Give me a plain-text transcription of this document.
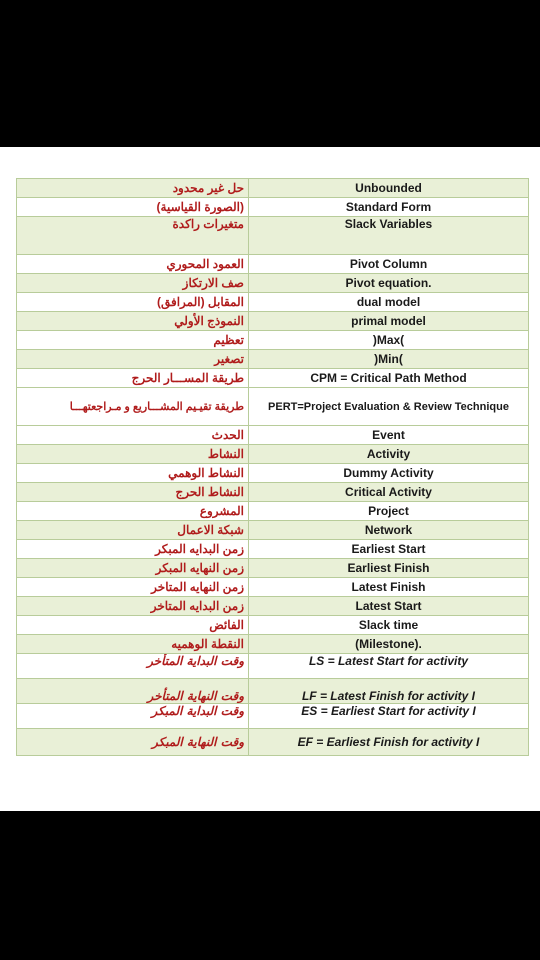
حل غير محدود	Unbounded
(الصورة القياسية)	Standard Form
متغيرات راكدة	Slack Variables
العمود المحوري	Pivot Column
صف الارتكاز	Pivot equation.
المقابل (المرافق)	dual model
النموذج الأولي	primal model
تعظيم	)Max(
تصغير	)Min(
طريقة المســـار الحرج	CPM = Critical Path Method
طريقة تقيـيم المشـــاريع و مـراجعتهـــا	PERT=Project Evaluation & Review Technique
الحدث	Event
النشاط	Activity
النشاط الوهمي	Dummy Activity
النشاط الحرج	Critical Activity
المشروع	Project
شبكة الاعمال	Network
زمن البدايه المبكر	Earliest Start
زمن النهايه المبكر	Earliest Finish
زمن النهايه المتاخر	Latest Finish
زمن البدايه المتاخر	Latest Start
الفائض	Slack time
النقطة الوهميه	(Milestone).
وقت البداية المتأخر	LS = Latest Start for activity
وقت النهاية المتأخر	LF = Latest Finish for activity I
وقت البداية المبكر	ES = Earliest Start for activity I
وقت النهاية المبكر	EF = Earliest Finish for activity I
